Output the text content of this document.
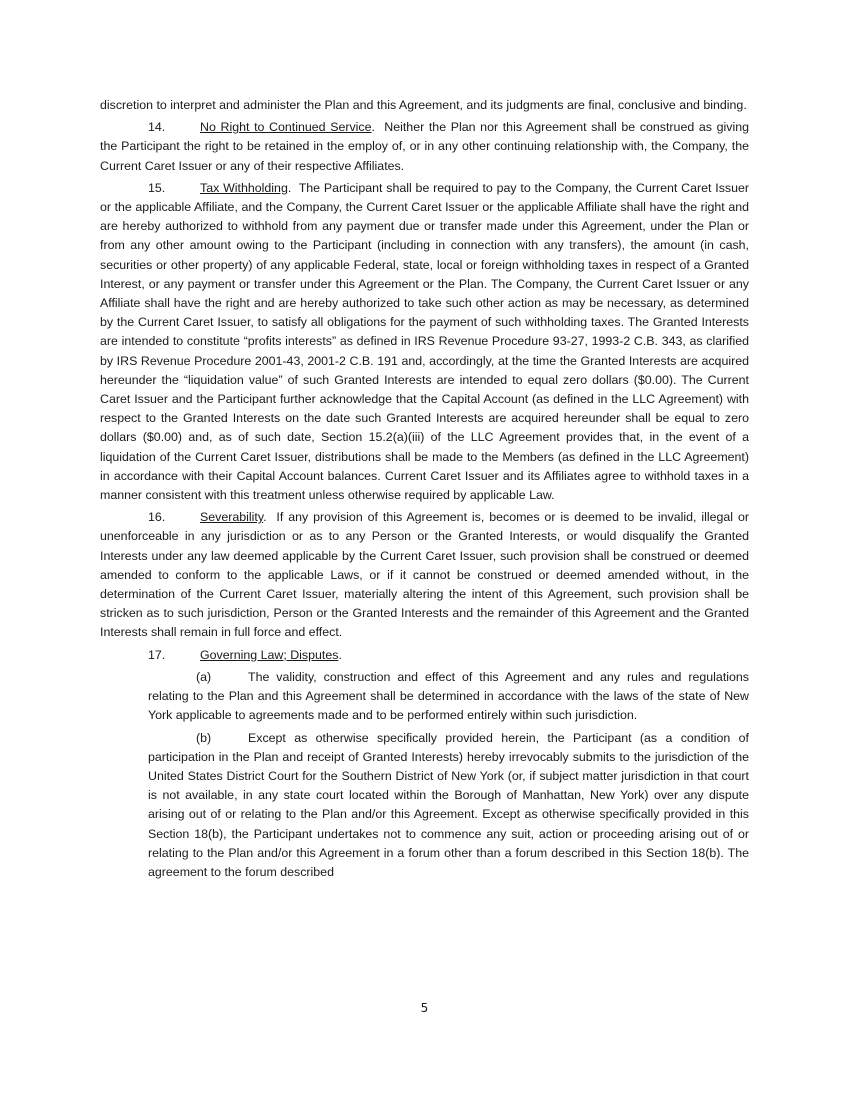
discretion to interpret and administer the Plan and this Agreement, and its judgments are final, conclusive and binding.

14.	No Right to Continued Service.  Neither the Plan nor this Agreement shall be construed as giving the Participant the right to be retained in the employ of, or in any other continuing relationship with, the Company, the Current Caret Issuer or any of their respective Affiliates.

15.	Tax Withholding.  The Participant shall be required to pay to the Company, the Current Caret Issuer or the applicable Affiliate, and the Company, the Current Caret Issuer or the applicable Affiliate shall have the right and are hereby authorized to withhold from any payment due or transfer made under this Agreement, under the Plan or from any other amount owing to the Participant (including in connection with any transfers), the amount (in cash, securities or other property) of any applicable Federal, state, local or foreign withholding taxes in respect of a Granted Interest, or any payment or transfer under this Agreement or the Plan. The Company, the Current Caret Issuer or any Affiliate shall have the right and are hereby authorized to take such other action as may be necessary, as determined by the Current Caret Issuer, to satisfy all obligations for the payment of such withholding taxes. The Granted Interests are intended to constitute “profits interests” as defined in IRS Revenue Procedure 93-27, 1993-2 C.B. 343, as clarified by IRS Revenue Procedure 2001-43, 2001-2 C.B. 191 and, accordingly, at the time the Granted Interests are acquired hereunder the “liquidation value” of such Granted Interests are intended to equal zero dollars ($0.00). The Current Caret Issuer and the Participant further acknowledge that the Capital Account (as defined in the LLC Agreement) with respect to the Granted Interests on the date such Granted Interests are acquired hereunder shall be equal to zero dollars ($0.00) and, as of such date, Section 15.2(a)(iii) of the LLC Agreement provides that, in the event of a liquidation of the Current Caret Issuer, distributions shall be made to the Members (as defined in the LLC Agreement) in accordance with their Capital Account balances. Current Caret Issuer and its Affiliates agree to withhold taxes in a manner consistent with this treatment unless otherwise required by applicable Law.

16.	Severability.  If any provision of this Agreement is, becomes or is deemed to be invalid, illegal or unenforceable in any jurisdiction or as to any Person or the Granted Interests, or would disqualify the Granted Interests under any law deemed applicable by the Current Caret Issuer, such provision shall be construed or deemed amended to conform to the applicable Laws, or if it cannot be construed or deemed amended without, in the determination of the Current Caret Issuer, materially altering the intent of this Agreement, such provision shall be stricken as to such jurisdiction, Person or the Granted Interests and the remainder of this Agreement and the Granted Interests shall remain in full force and effect.

17.	Governing Law; Disputes.

(a)	The validity, construction and effect of this Agreement and any rules and regulations relating to the Plan and this Agreement shall be determined in accordance with the laws of the state of New York applicable to agreements made and to be performed entirely within such jurisdiction.

(b)	Except as otherwise specifically provided herein, the Participant (as a condition of participation in the Plan and receipt of Granted Interests) hereby irrevocably submits to the jurisdiction of the United States District Court for the Southern District of New York (or, if subject matter jurisdiction in that court is not available, in any state court located within the Borough of Manhattan, New York) over any dispute arising out of or relating to the Plan and/or this Agreement. Except as otherwise specifically provided in this Section 18(b), the Participant undertakes not to commence any suit, action or proceeding arising out of or relating to the Plan and/or this Agreement in a forum other than a forum described in this Section 18(b). The agreement to the forum described

5
